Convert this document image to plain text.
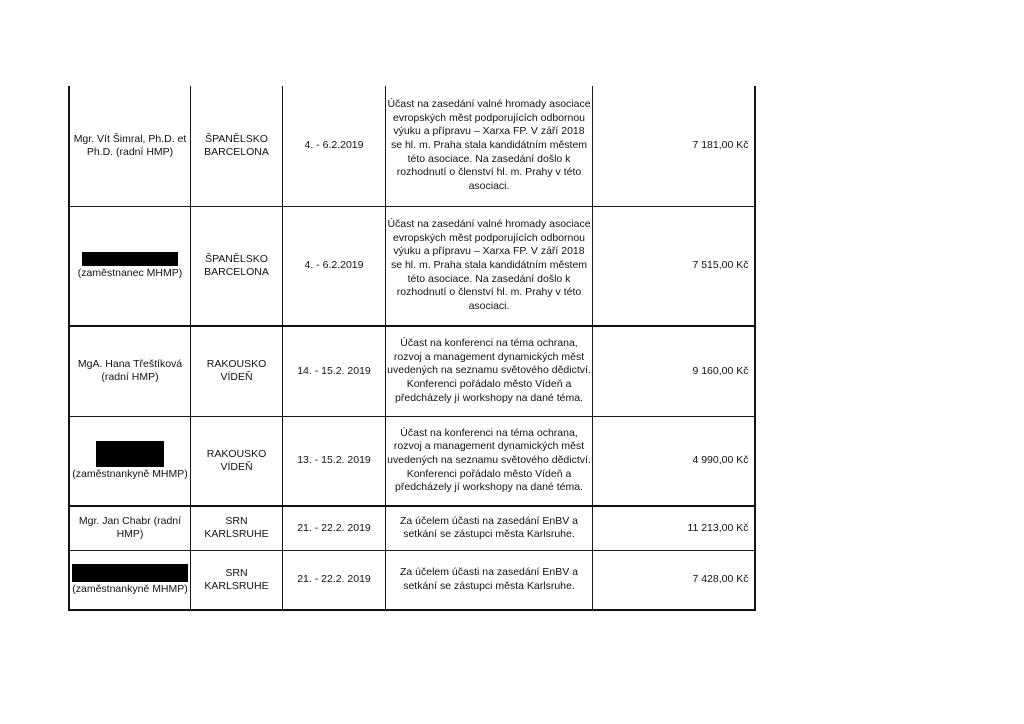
Mgr. Vít Šimral, Ph.D. et Ph.D. (radní HMP)	ŠPANĚLSKO BARCELONA	4. - 6.2.2019	Účast na zasedání valné hromady asociace evropských měst podporujících odbornou výuku a přípravu – Xarxa FP. V září 2018 se hl. m. Praha stala kandidátním městem této asociace. Na zasedání došlo k rozhodnutí o členství hl. m. Prahy v této asociaci.	7 181,00 Kč

(zaměstnanec MHMP)	ŠPANĚLSKO BARCELONA	4. - 6.2.2019	Účast na zasedání valné hromady asociace evropských měst podporujících odbornou výuku a přípravu – Xarxa FP. V září 2018 se hl. m. Praha stala kandidátním městem této asociace. Na zasedání došlo k rozhodnutí o členství hl. m. Prahy v této asociaci.	7 515,00 Kč

MgA. Hana Třeštíková (radní HMP)	RAKOUSKO VÍDEŇ	14. - 15.2. 2019	Účast na konferenci na téma ochrana, rozvoj a management dynamických měst uvedených na seznamu světového dědictví. Konferenci pořádalo město Vídeň a předcházely jí workshopy na dané téma.	9 160,00 Kč

(zaměstnankyně MHMP)	RAKOUSKO VÍDEŇ	13. - 15.2. 2019	Účast na konferenci na téma ochrana, rozvoj a management dynamických měst uvedených na seznamu světového dědictví. Konferenci pořádalo město Vídeň a předcházely jí workshopy na dané téma.	4 990,00 Kč

Mgr. Jan Chabr (radní HMP)	SRN KARLSRUHE	21. - 22.2. 2019	Za účelem účasti na zasedání EnBV a setkání se zástupci města Karlsruhe.	11 213,00 Kč

(zaměstnankyně MHMP)	SRN KARLSRUHE	21. - 22.2. 2019	Za účelem účasti na zasedání EnBV a setkání se zástupci města Karlsruhe.	7 428,00 Kč
